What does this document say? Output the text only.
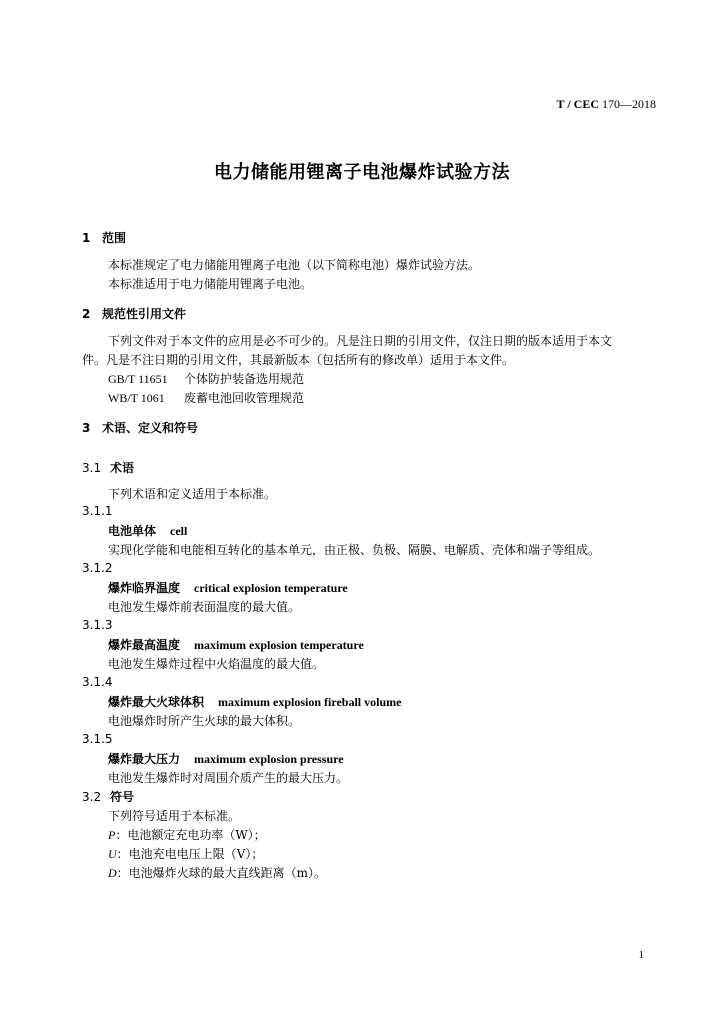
T / CEC 170—2018
电力储能用锂离子电池爆炸试验方法
1 范围
本标准规定了电力储能用锂离子电池（以下简称电池）爆炸试验方法。
本标准适用于电力储能用锂离子电池。
2 规范性引用文件
下列文件对于本文件的应用是必不可少的。凡是注日期的引用文件，仅注日期的版本适用于本文
件。凡是不注日期的引用文件，其最新版本（包括所有的修改单）适用于本文件。
GB/T 11651 个体防护装备选用规范
WB/T 1061 废蓄电池回收管理规范
3 术语、定义和符号
3.1 术语
下列术语和定义适用于本标准。
3.1.1
电池单体 cell
实现化学能和电能相互转化的基本单元，由正极、负极、隔膜、电解质、壳体和端子等组成。
3.1.2
爆炸临界温度 critical explosion temperature
电池发生爆炸前表面温度的最大值。
3.1.3
爆炸最高温度 maximum explosion temperature
电池发生爆炸过程中火焰温度的最大值。
3.1.4
爆炸最大火球体积 maximum explosion fireball volume
电池爆炸时所产生火球的最大体积。
3.1.5
爆炸最大压力 maximum explosion pressure
电池发生爆炸时对周围介质产生的最大压力。
3.2 符号
下列符号适用于本标准。
P：电池额定充电功率（W）；
U：电池充电电压上限（V）；
D：电池爆炸火球的最大直线距离（m）。
1
